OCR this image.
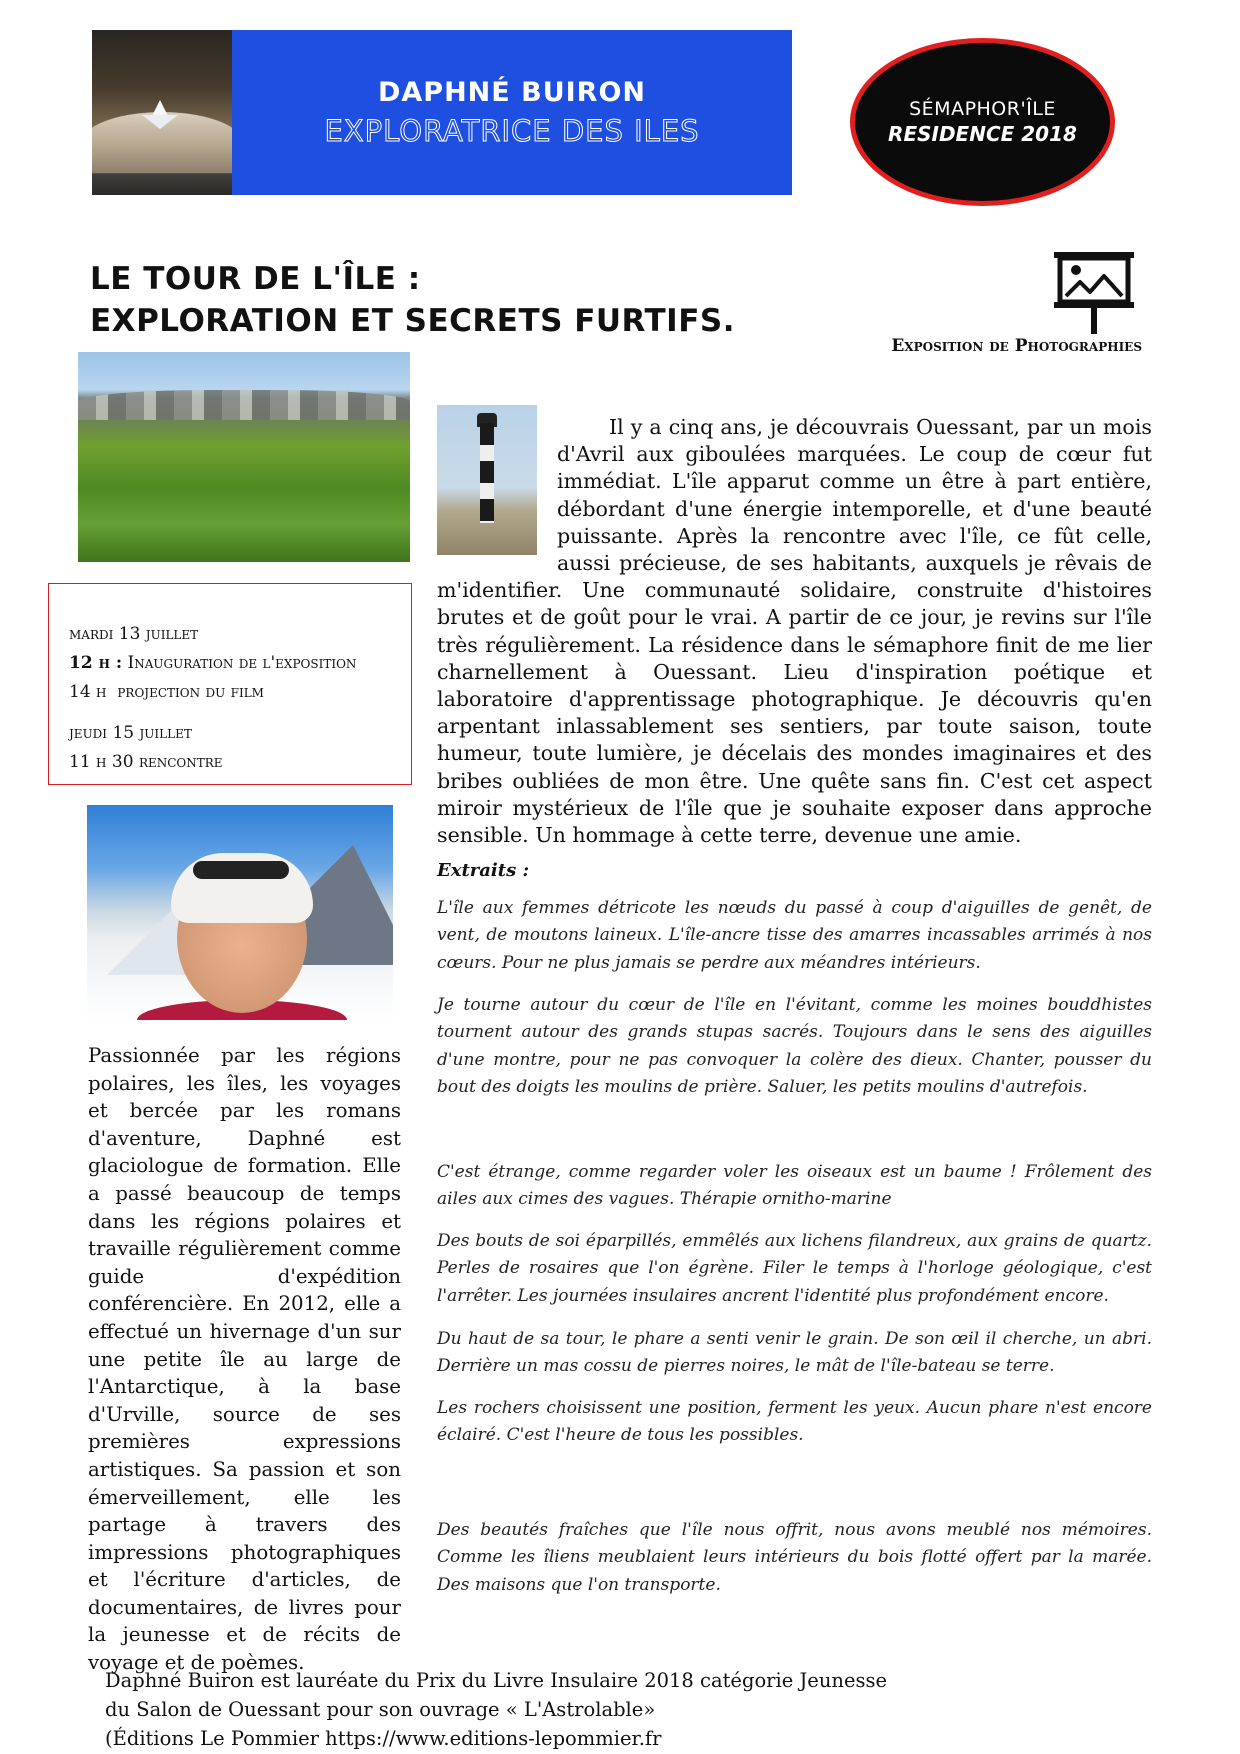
DAPHNÉ BUIRON
EXPLORATRICE DES ILES
SÉMAPHOR'ÎLE
RESIDENCE 2018
LE TOUR DE L'ÎLE :
EXPLORATION ET SECRETS FURTIFS.
Exposition de Photographies
mardi 13 juillet
12 h : Inauguration de l'exposition
14 h projection du film
jeudi 15 juillet
11 h 30 rencontre

Il y a cinq ans, je découvrais Ouessant, par un mois d'Avril aux giboulées marquées. Le coup de cœur fut immédiat. L'île apparut comme un être à part entière, débordant d'une énergie intemporelle, et d'une beauté puissante. Après la rencontre avec l'île, ce fût celle, aussi précieuse, de ses habitants, auxquels je rêvais de m'identifier. Une communauté solidaire, construite d'histoires brutes et de goût pour le vrai. A partir de ce jour, je revins sur l'île très régulièrement. La résidence dans le sémaphore finit de me lier charnellement à Ouessant. Lieu d'inspiration poétique et laboratoire d'apprentissage photographique. Je découvris qu'en arpentant inlassablement ses sentiers, par toute saison, toute humeur, toute lumière, je décelais des mondes imaginaires et des bribes oubliées de mon être. Une quête sans fin. C'est cet aspect miroir mystérieux de l'île que je souhaite exposer dans approche sensible. Un hommage à cette terre, devenue une amie.

Extraits :
L'île aux femmes détricote les nœuds du passé à coup d'aiguilles de genêt, de vent, de moutons laineux. L'île-ancre tisse des amarres incassables arrimés à nos cœurs. Pour ne plus jamais se perdre aux méandres intérieurs.
Je tourne autour du cœur de l'île en l'évitant, comme les moines bouddhistes tournent autour des grands stupas sacrés. Toujours dans le sens des aiguilles d'une montre, pour ne pas convoquer la colère des dieux. Chanter, pousser du bout des doigts les moulins de prière. Saluer, les petits moulins d'autrefois.
C'est étrange, comme regarder voler les oiseaux est un baume ! Frôlement des ailes aux cimes des vagues. Thérapie ornitho-marine
Des bouts de soi éparpillés, emmêlés aux lichens filandreux, aux grains de quartz. Perles de rosaires que l'on égrène. Filer le temps à l'horloge géologique, c'est l'arrêter. Les journées insulaires ancrent l'identité plus profondément encore.
Du haut de sa tour, le phare a senti venir le grain. De son œil il cherche, un abri. Derrière un mas cossu de pierres noires, le mât de l'île-bateau se terre.
Les rochers choisissent une position, ferment les yeux. Aucun phare n'est encore éclairé. C'est l'heure de tous les possibles.
Des beautés fraîches que l'île nous offrit, nous avons meublé nos mémoires. Comme les îliens meublaient leurs intérieurs du bois flotté offert par la marée. Des maisons que l'on transporte.
Passionnée par les régions polaires, les îles, les voyages et bercée par les romans d'aventure, Daphné est glaciologue de formation. Elle a passé beaucoup de temps dans les régions polaires et travaille régulièrement comme guide d'expédition conférencière. En 2012, elle a effectué un hivernage d'un sur une petite île au large de l'Antarctique, à la base d'Urville, source de ses premières expressions artistiques. Sa passion et son émerveillement, elle les partage à travers des impressions photographiques et l'écriture d'articles, de documentaires, de livres pour la jeunesse et de récits de voyage et de poèmes.
Daphné Buiron est lauréate du Prix du Livre Insulaire 2018 catégorie Jeunesse
du Salon de Ouessant pour son ouvrage « L'Astrolable»
(Éditions Le Pommier https://www.editions-lepommier.fr
